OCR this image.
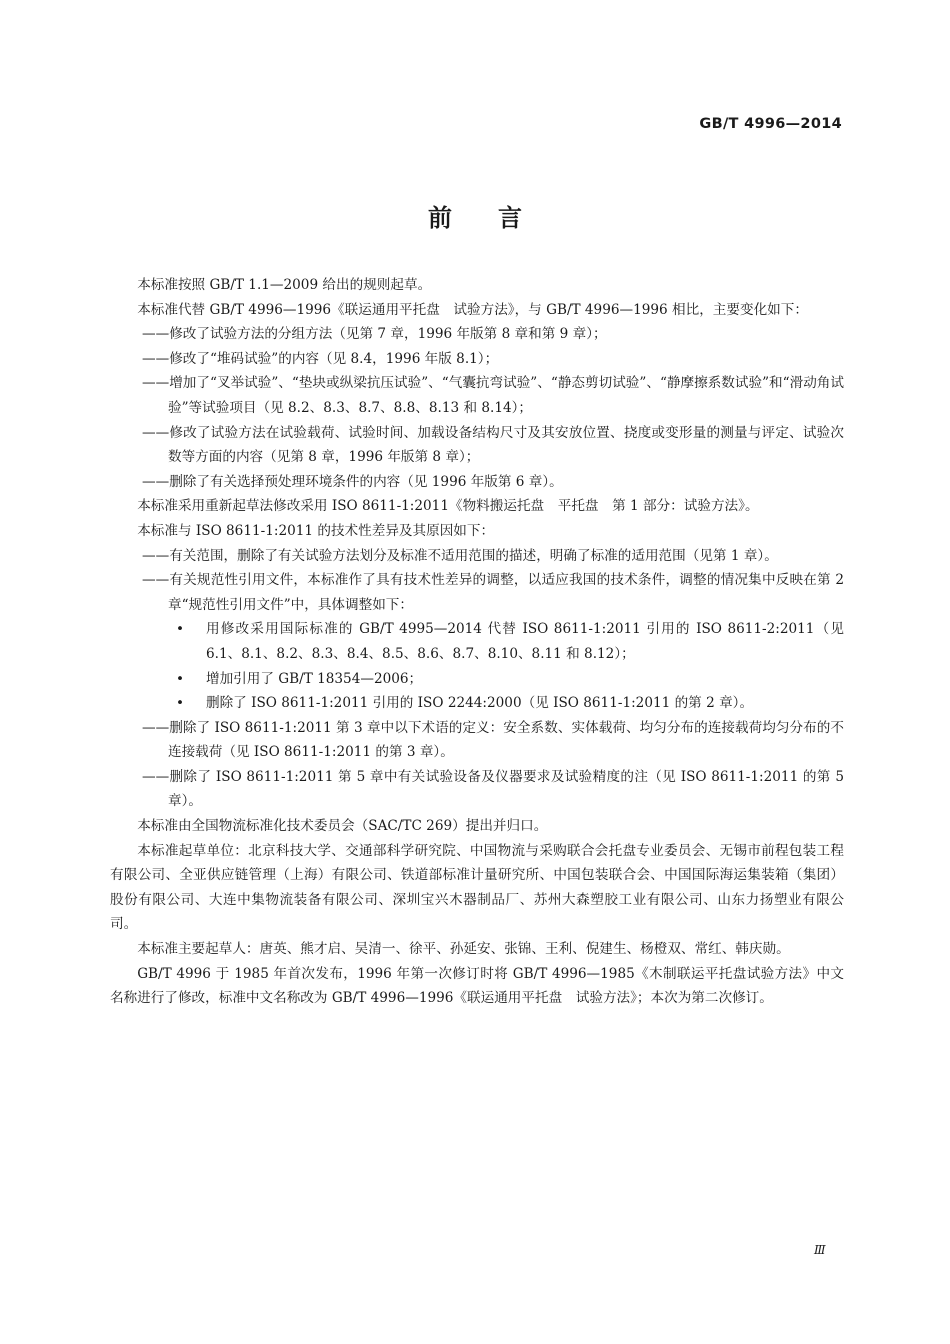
GB/T 4996—2014
前言

本标准按照 GB/T 1.1—2009 给出的规则起草。

本标准代替 GB/T 4996—1996《联运通用平托盘　试验方法》，与 GB/T 4996—1996 相比，主要变化如下：

——修改了试验方法的分组方法（见第 7 章，1996 年版第 8 章和第 9 章）；

——修改了“堆码试验”的内容（见 8.4，1996 年版 8.1）；

——增加了“叉举试验”、“垫块或纵梁抗压试验”、“气囊抗弯试验”、“静态剪切试验”、“静摩擦系数试验”和“滑动角试验”等试验项目（见 8.2、8.3、8.7、8.8、8.13 和 8.14）；

——修改了试验方法在试验载荷、试验时间、加载设备结构尺寸及其安放位置、挠度或变形量的测量与评定、试验次数等方面的内容（见第 8 章，1996 年版第 8 章）；

——删除了有关选择预处理环境条件的内容（见 1996 年版第 6 章）。

本标准采用重新起草法修改采用 ISO 8611-1:2011《物料搬运托盘　平托盘　第 1 部分：试验方法》。

本标准与 ISO 8611-1:2011 的技术性差异及其原因如下：

——有关范围，删除了有关试验方法划分及标准不适用范围的描述，明确了标准的适用范围（见第 1 章）。

——有关规范性引用文件，本标准作了具有技术性差异的调整，以适应我国的技术条件，调整的情况集中反映在第 2 章“规范性引用文件”中，具体调整如下：

• 用修改采用国际标准的 GB/T 4995—2014 代替 ISO 8611-1:2011 引用的 ISO 8611-2:2011（见 6.1、8.1、8.2、8.3、8.4、8.5、8.6、8.7、8.10、8.11 和 8.12）；

• 增加引用了 GB/T 18354—2006；

• 删除了 ISO 8611-1:2011 引用的 ISO 2244:2000（见 ISO 8611-1:2011 的第 2 章）。

——删除了 ISO 8611-1:2011 第 3 章中以下术语的定义：安全系数、实体载荷、均匀分布的连接载荷均匀分布的不连接载荷（见 ISO 8611-1:2011 的第 3 章）。

——删除了 ISO 8611-1:2011 第 5 章中有关试验设备及仪器要求及试验精度的注（见 ISO 8611-1:2011 的第 5 章）。

本标准由全国物流标准化技术委员会（SAC/TC 269）提出并归口。

本标准起草单位：北京科技大学、交通部科学研究院、中国物流与采购联合会托盘专业委员会、无锡市前程包装工程有限公司、全亚供应链管理（上海）有限公司、铁道部标准计量研究所、中国包装联合会、中国国际海运集装箱（集团）股份有限公司、大连中集物流装备有限公司、深圳宝兴木器制品厂、苏州大森塑胶工业有限公司、山东力扬塑业有限公司。

本标准主要起草人：唐英、熊才启、吴清一、徐平、孙延安、张锦、王利、倪建生、杨橙双、常红、韩庆勋。

GB/T 4996 于 1985 年首次发布，1996 年第一次修订时将 GB/T 4996—1985《木制联运平托盘试验方法》中文名称进行了修改，标准中文名称改为 GB/T 4996—1996《联运通用平托盘　试验方法》；本次为第二次修订。

Ⅲ
